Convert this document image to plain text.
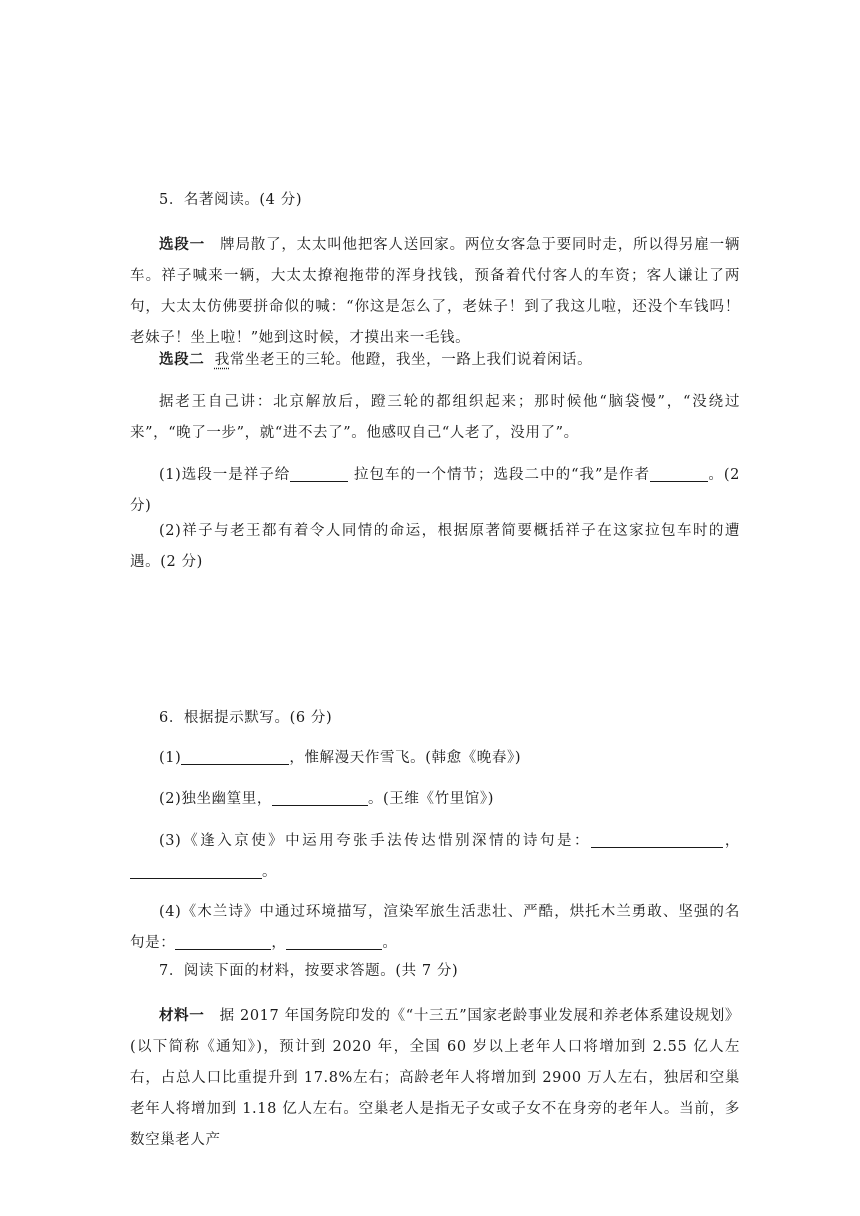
5．名著阅读。(4 分)
选段一　牌局散了，太太叫他把客人送回家。两位女客急于要同时走，所以得另雇一辆车。祥子喊来一辆，大太太撩袍拖带的浑身找钱，预备着代付客人的车资；客人谦让了两句，大太太仿佛要拼命似的喊：“你这是怎么了，老妹子！到了我这儿啦，还没个车钱吗！老妹子！坐上啦！”她到这时候，才摸出来一毛钱。
选段二 我常坐老王的三轮。他蹬，我坐，一路上我们说着闲话。
据老王自己讲：北京解放后，蹬三轮的都组织起来；那时候他“脑袋慢”，“没绕过来”，“晚了一步”，就“进不去了”。他感叹自己“人老了，没用了”。
(1)选段一是祥子给	拉包车的一个情节；选段二中的“我”是作者	。(2 分)
(2)祥子与老王都有着令人同情的命运，根据原著简要概括祥子在这家拉包车时的遭遇。(2 分)
6．根据提示默写。(6 分)
(1)	，惟解漫天作雪飞。(韩愈《晚春》)
(2)独坐幽篁里，	。(王维《竹里馆》)
(3)《逢入京使》中运用夸张手法传达惜别深情的诗句是：	，。
(4)《木兰诗》中通过环境描写，渲染军旅生活悲壮、严酷，烘托木兰勇敢、坚强的名句是：	，	。
7．阅读下面的材料，按要求答题。(共 7 分)
材料一　据 2017 年国务院印发的《“十三五”国家老龄事业发展和养老体系建设规划》(以下简称《通知》)，预计到 2020 年，全国 60 岁以上老年人口将增加到 2.55 亿人左右，占总人口比重提升到 17.8%左右；高龄老年人将增加到 2900 万人左右，独居和空巢老年人将增加到 1.18 亿人左右。空巢老人是指无子女或子女不在身旁的老年人。当前，多数空巢老人产
